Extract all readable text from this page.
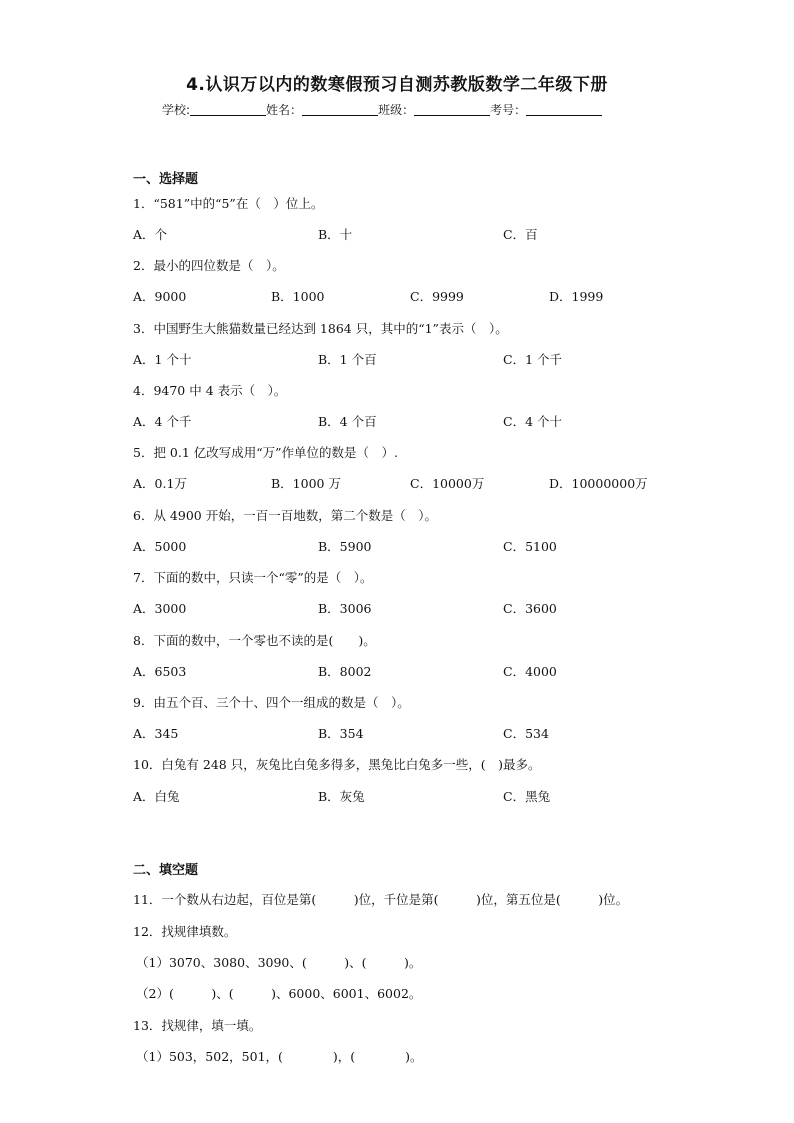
4.认识万以内的数寒假预习自测苏教版数学二年级下册
学校:	姓名：	班级：	考号：
一、选择题
1．“581”中的“5”在（　）位上。
A．个	B．十	C．百
2．最小的四位数是（　）。
A．9000	B．1000	C．9999	D．1999
3．中国野生大熊猫数量已经达到 1864 只，其中的“1”表示（　）。
A．1 个十	B．1 个百	C．1 个千
4．9470 中 4 表示（　）。
A．4 个千	B．4 个百	C．4 个十
5．把 0.1 亿改写成用“万”作单位的数是（　）.
A．0.1万	B．1000 万	C．10000万	D．10000000万
6．从 4900 开始，一百一百地数，第二个数是（　）。
A．5000	B．5900	C．5100
7．下面的数中，只读一个“零”的是（　）。
A．3000	B．3006	C．3600
8．下面的数中，一个零也不读的是(　　)。
A．6503	B．8002	C．4000
9．由五个百、三个十、四个一组成的数是（　）。
A．345	B．354	C．534
10．白兔有 248 只，灰兔比白兔多得多，黑兔比白兔多一些，(　)最多。
A．白兔	B．灰兔	C．黑兔
二、填空题
11．一个数从右边起，百位是第(　　　)位，千位是第(　　　)位，第五位是(　　　)位。
12．找规律填数。
（1）3070、3080、3090、(　　　)、(　　　)。
（2）(　　　)、(　　　)、6000、6001、6002。
13．找规律，填一填。
（1）503，502，501，(　　　　)，(　　　　)。
